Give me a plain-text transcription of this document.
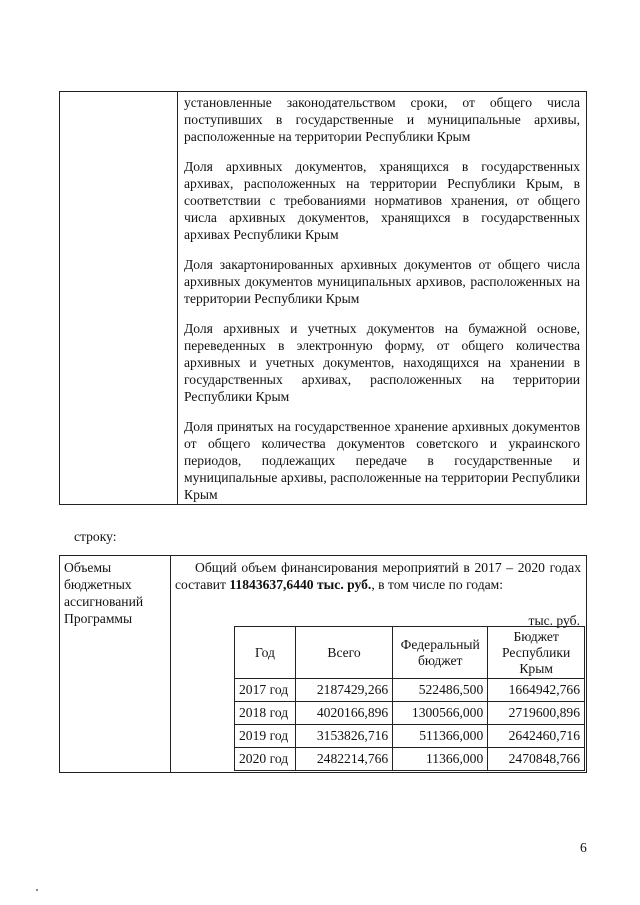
установленные законодательством сроки, от общего числа поступивших в государственные и муниципальные архивы, расположенные на территории Республики Крым

Доля архивных документов, хранящихся в государственных архивах, расположенных на территории Республики Крым, в соответствии с требованиями нормативов хранения, от общего числа архивных документов, хранящихся в государственных архивах Республики Крым

Доля закартонированных архивных документов от общего числа архивных документов муниципальных архивов, расположенных на территории Республики Крым

Доля архивных и учетных документов на бумажной основе, переведенных в электронную форму, от общего количества архивных и учетных документов, находящихся на хранении в государственных архивах, расположенных на территории Республики Крым

Доля принятых на государственное хранение архивных документов от общего количества документов советского и украинского периодов, подлежащих передаче в государственные и муниципальные архивы, расположенные на территории Республики Крым

строку:
Объемы
бюджетных
ассигнований
Программы
Общий объем финансирования мероприятий в 2017 – 2020 годах составит 11843637,6440 тыс. руб., в том числе по годам:
тыс. руб.
Год	Всего	Федеральный бюджет	Бюджет Республики Крым
2017 год	2187429,266	522486,500	1664942,766
2018 год	4020166,896	1300566,000	2719600,896
2019 год	3153826,716	511366,000	2642460,716
2020 год	2482214,766	11366,000	2470848,766
6
